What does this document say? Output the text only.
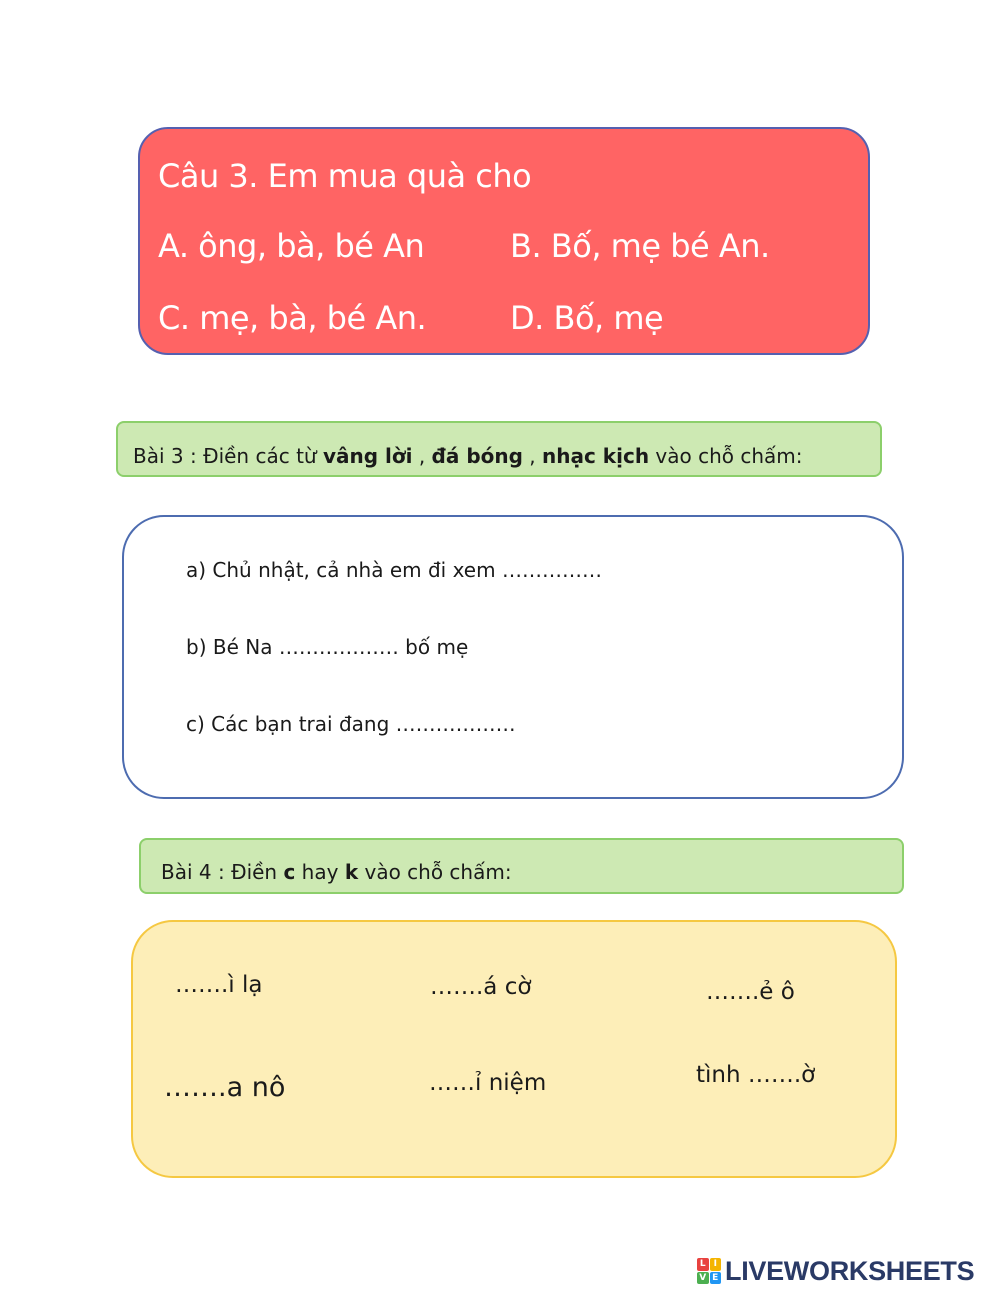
Câu 3. Em mua quà cho
A. ông, bà, bé An	B. Bố, mẹ bé An.
C. mẹ, bà, bé An.	D. Bố, mẹ
Bài 3 : Điền các từ vâng lời , đá bóng , nhạc kịch vào chỗ chấm:
a) Chủ nhật, cả nhà em đi xem ……………
b) Bé Na ……………… bố mẹ
c) Các bạn trai đang ………………
Bài 4 : Điền c hay k vào chỗ chấm:
…….ì lạ	…….á cờ	…….ẻ ô
…….a nô	……ỉ niệm	tình …….ờ
L I
V E LIVEWORKSHEETS
